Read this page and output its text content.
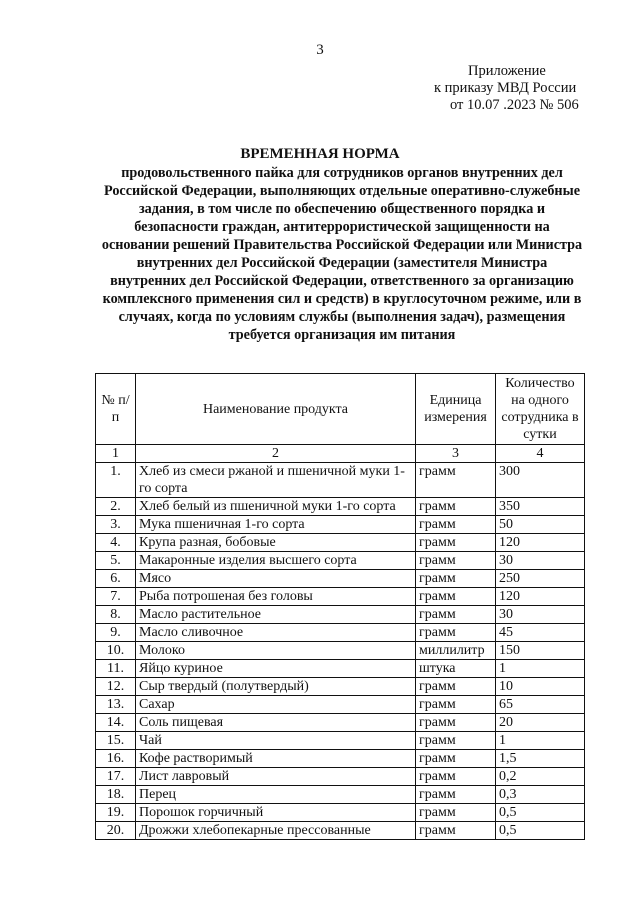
3
Приложение
к приказу МВД России
от 10.07 .2023 № 506
ВРЕМЕННАЯ НОРМА
продовольственного пайка для сотрудников органов внутренних дел Российской Федерации, выполняющих отдельные оперативно-служебные задания, в том числе по обеспечению общественного порядка и безопасности граждан, антитеррористической защищенности на основании решений Правительства Российской Федерации или Министра внутренних дел Российской Федерации (заместителя Министра внутренних дел Российской Федерации, ответственного за организацию комплексного применения сил и средств) в круглосуточном режиме, или в случаях, когда по условиям службы (выполнения задач), размещения требуется организация им питания
№ п/п	Наименование продукта	Единица измерения	Количество на одного сотрудника в сутки
1	2	3	4
1.	Хлеб из смеси ржаной и пшеничной муки 1-го сорта	грамм	300
2.	Хлеб белый из пшеничной муки 1-го сорта	грамм	350
3.	Мука пшеничная 1-го сорта	грамм	50
4.	Крупа разная, бобовые	грамм	120
5.	Макаронные изделия высшего сорта	грамм	30
6.	Мясо	грамм	250
7.	Рыба потрошеная без головы	грамм	120
8.	Масло растительное	грамм	30
9.	Масло сливочное	грамм	45
10.	Молоко	миллилитр	150
11.	Яйцо куриное	штука	1
12.	Сыр твердый (полутвердый)	грамм	10
13.	Сахар	грамм	65
14.	Соль пищевая	грамм	20
15.	Чай	грамм	1
16.	Кофе растворимый	грамм	1,5
17.	Лист лавровый	грамм	0,2
18.	Перец	грамм	0,3
19.	Порошок горчичный	грамм	0,5
20.	Дрожжи хлебопекарные прессованные	грамм	0,5
